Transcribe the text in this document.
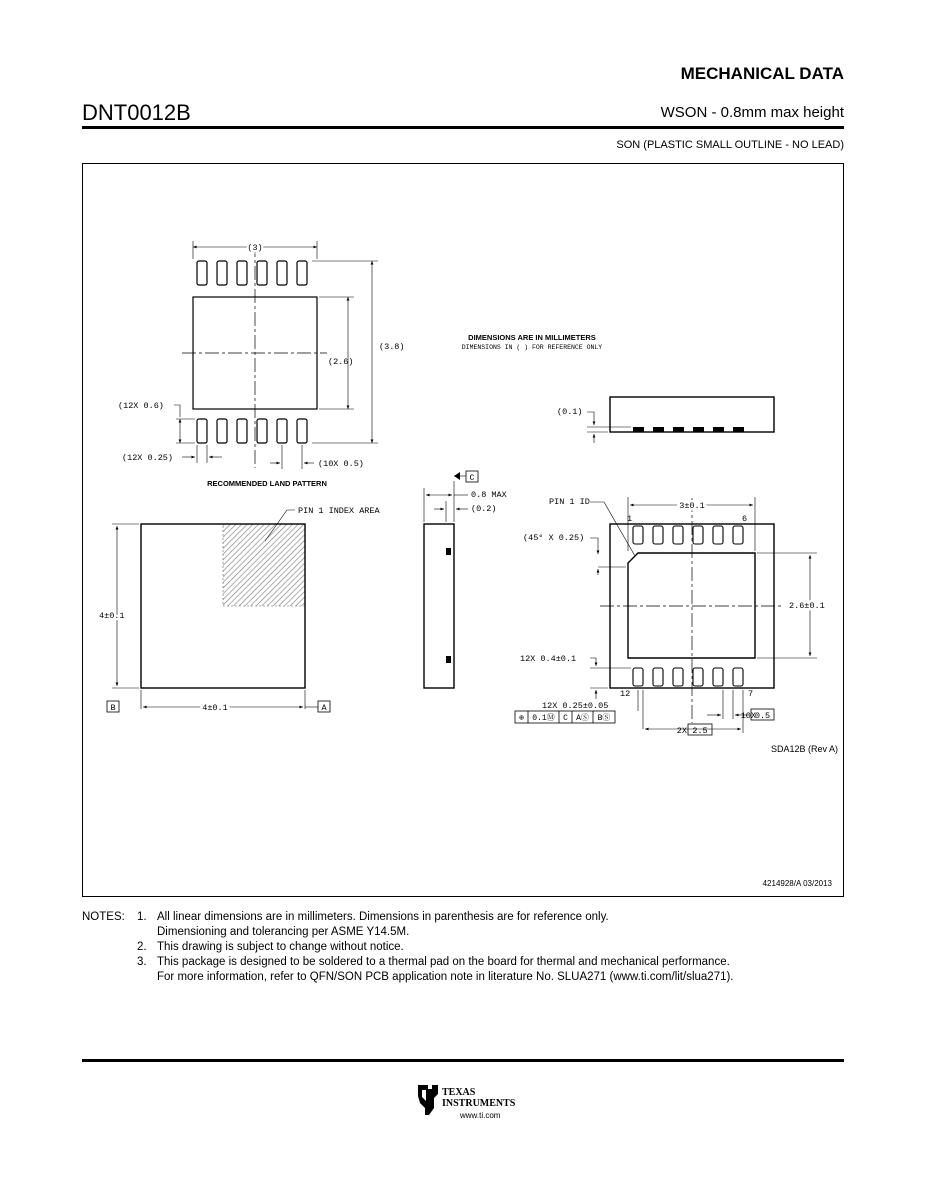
MECHANICAL DATA
DNT0012B	WSON - 0.8mm max height
SON (PLASTIC SMALL OUTLINE - NO LEAD)
(3)
(3.8)
(2.6)
(12X 0.6)
(12X 0.25)
(10X 0.5)
RECOMMENDED LAND PATTERN
DIMENSIONS ARE IN MILLIMETERS
DIMENSIONS IN ( ) FOR REFERENCE ONLY
PIN 1 INDEX AREA
4±0.1
4±0.1
B	A
C
0.8 MAX
(0.2)
(0.1)
PIN 1 ID
(45° X 0.25)
3±0.1
2.6±0.1
12X 0.4±0.1
12X 0.25±0.05
1	6
12	7
⊕ 0.1Ⓜ C AⓈ BⓈ	10X
0.5
2X 2.5
SDA12B (Rev A)
4214928/A 03/2013
NOTES:	1. All linear dimensions are in millimeters. Dimensions in parenthesis are for reference only.
Dimensioning and tolerancing per ASME Y14.5M.
2. This drawing is subject to change without notice.
3. This package is designed to be soldered to a thermal pad on the board for thermal and mechanical performance.
For more information, refer to QFN/SON PCB application note in literature No. SLUA271 (www.ti.com/lit/slua271).
TEXAS
INSTRUMENTS
www.ti.com
